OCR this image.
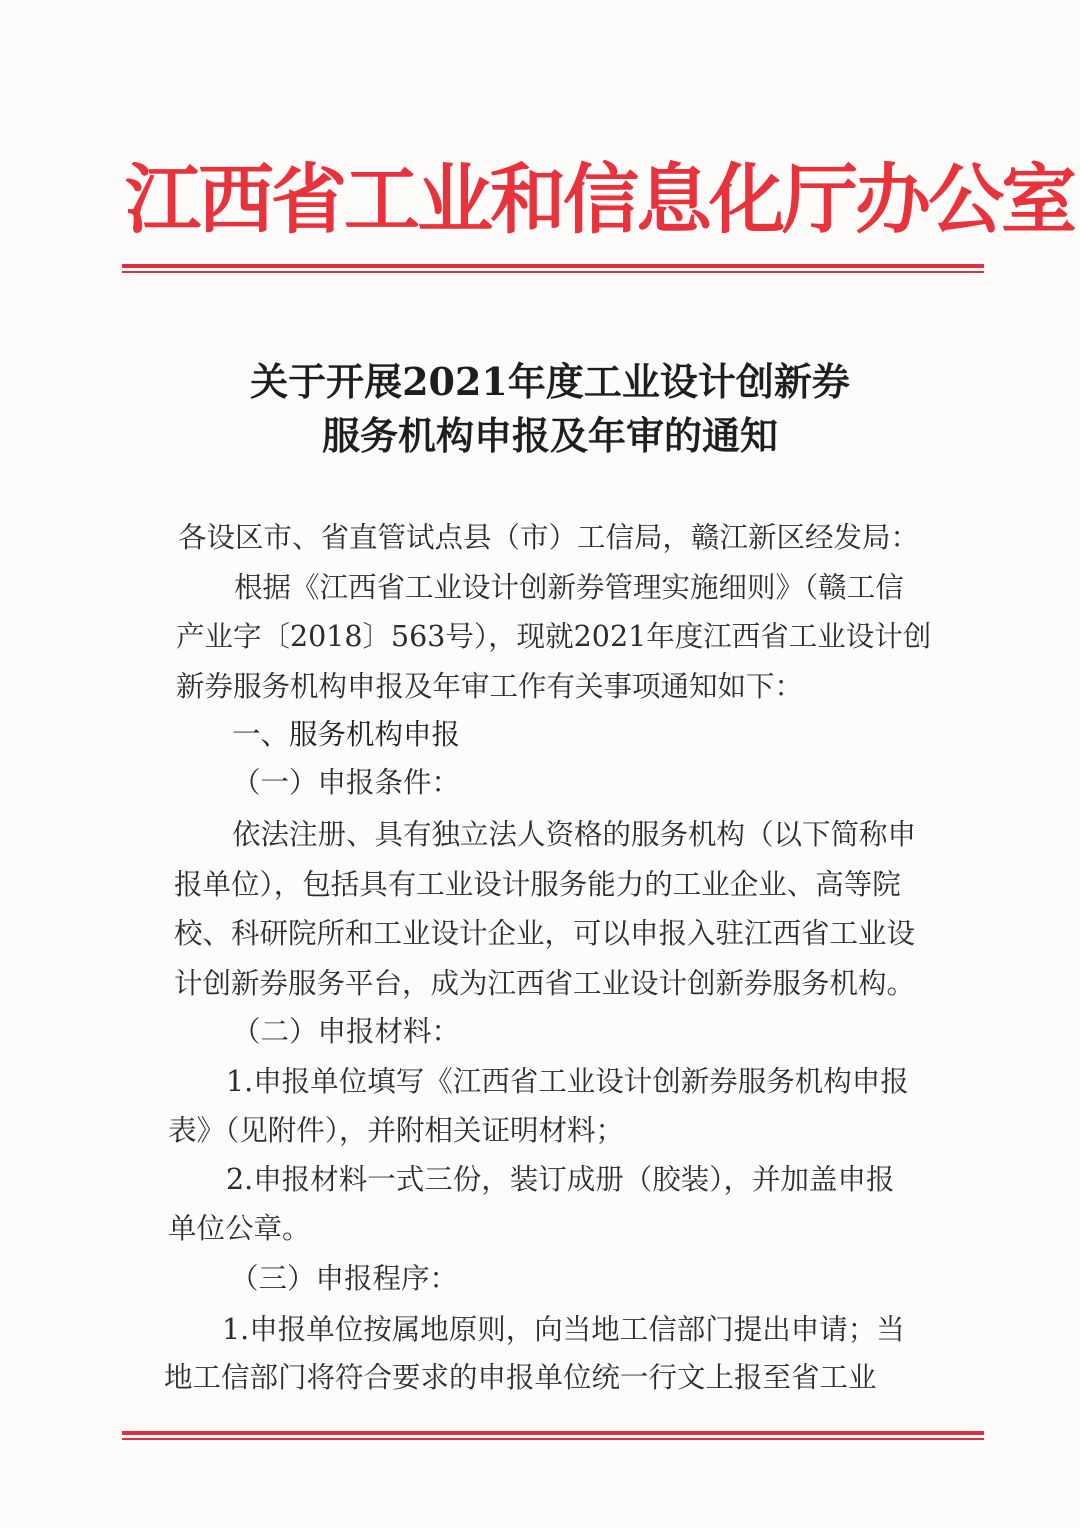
江西省工业和信息化厅办公室
关于开展2021年度工业设计创新券
服务机构申报及年审的通知
各设区市、省直管试点县（市）工信局，赣江新区经发局：
根据《江西省工业设计创新券管理实施细则》（赣工信
产业字〔2018〕563号），现就2021年度江西省工业设计创
新券服务机构申报及年审工作有关事项通知如下：
一、服务机构申报
（一）申报条件：
依法注册、具有独立法人资格的服务机构（以下简称申
报单位），包括具有工业设计服务能力的工业企业、高等院
校、科研院所和工业设计企业，可以申报入驻江西省工业设
计创新券服务平台，成为江西省工业设计创新券服务机构。
（二）申报材料：
1.申报单位填写《江西省工业设计创新券服务机构申报
表》（见附件），并附相关证明材料；
2.申报材料一式三份，装订成册（胶装），并加盖申报
单位公章。
（三）申报程序：
1.申报单位按属地原则，向当地工信部门提出申请；当
地工信部门将符合要求的申报单位统一行文上报至省工业
